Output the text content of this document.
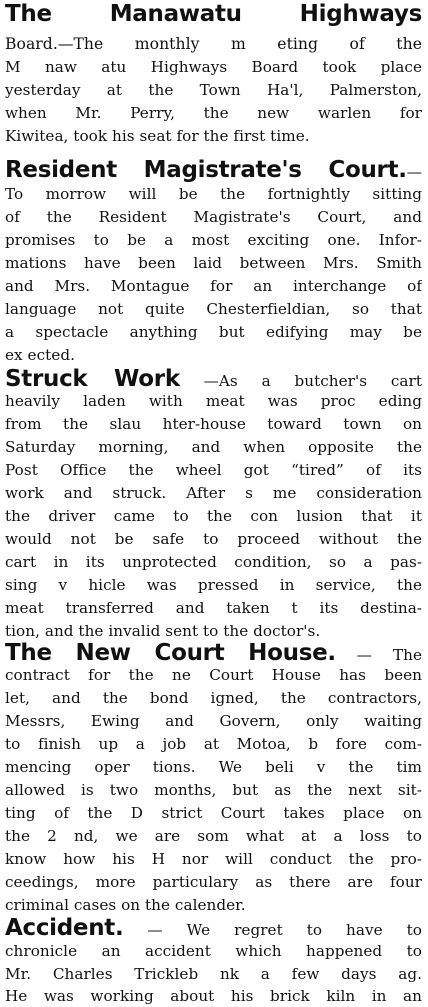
The Manawatu Highways
Board.—The monthly m eting of the
M naw atu Highways Board took place
yesterday at the Town Ha'l, Palmerston,
when Mr. Perry, the new warlen for
Kiwitea, took his seat for the first time.
Resident Magistrate's Court.—
To morrow will be the fortnightly sitting
of the Resident Magistrate's Court, and
promises to be a most exciting one. Infor-
mations have been laid between Mrs. Smith
and Mrs. Montague for an interchange of
language not quite Chesterfieldian, so that
a spectacle anything but edifying may be
ex ected.
Struck Work —As a butcher's cart
heavily laden with meat was proc eding
from the slau hter-house toward town on
Saturday morning, and when opposite the
Post Office the wheel got “tired” of its
work and struck. After s me consideration
the driver came to the con lusion that it
would not be safe to proceed without the
cart in its unprotected condition, so a pas-
sing v hicle was pressed in service, the
meat transferred and taken t its destina-
tion, and the invalid sent to the doctor's.
The New Court House. — The
contract for the ne Court House has been
let, and the bond igned, the contractors,
Messrs, Ewing and Govern, only waiting
to finish up a job at Motoa, b fore com-
mencing oper tions. We beli v the tim
allowed is two months, but as the next sit-
ting of the D strict Court takes place on
the 2 nd, we are som what at a loss to
know how his H nor will conduct the pro-
ceedings, more particulary as there are four
criminal cases on the calender.
Accident. — We regret to have to
chronicle an accident which happened to
Mr. Charles Trickleb nk a few days ag.
He was working about his brick kiln in an
